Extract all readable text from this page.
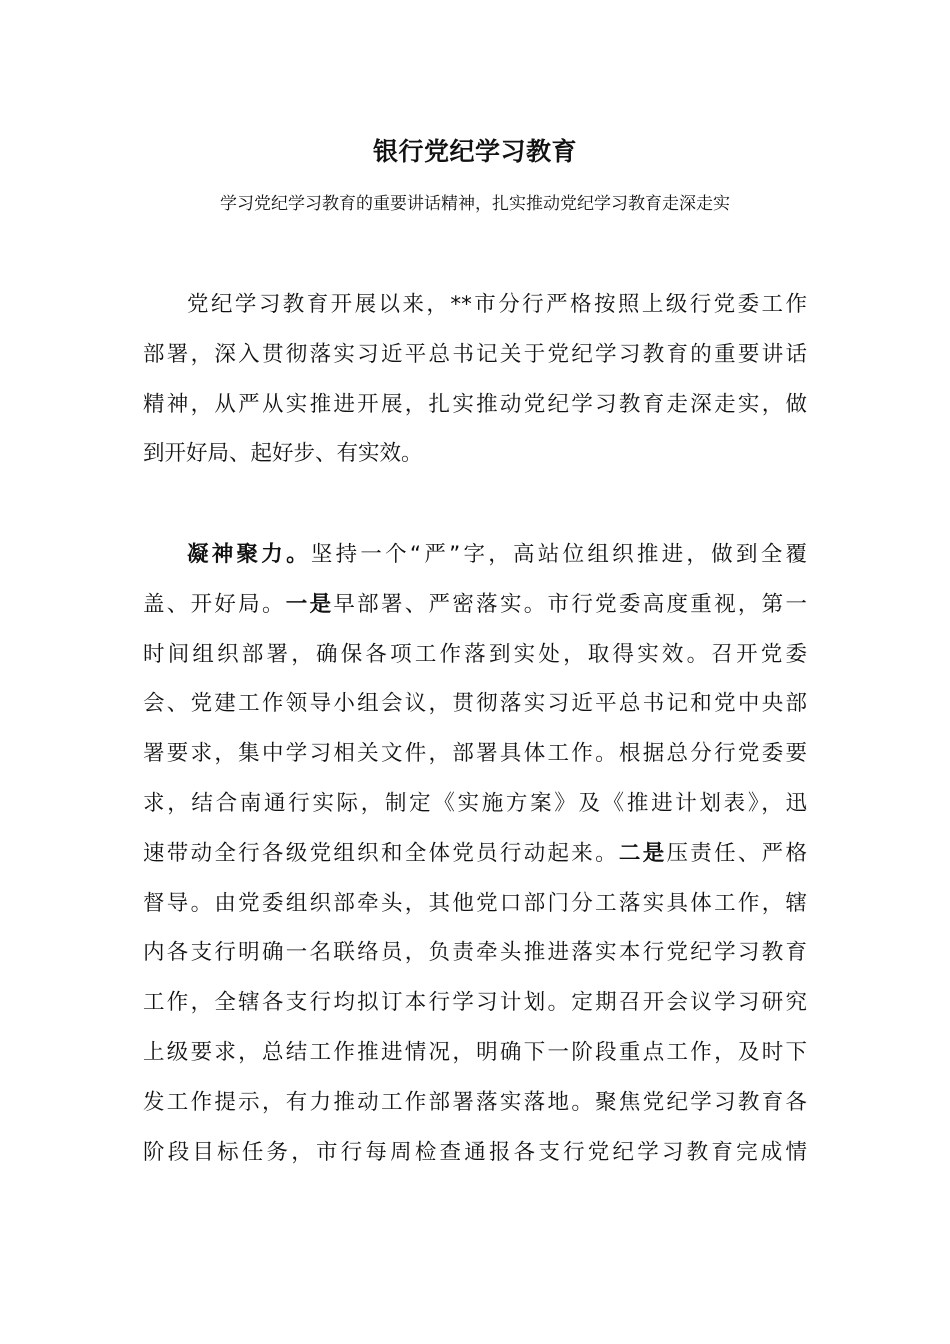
银行党纪学习教育
学习党纪学习教育的重要讲话精神，扎实推动党纪学习教育走深走实
党纪学习教育开展以来，**市分行严格按照上级行党委工作
部署，深入贯彻落实习近平总书记关于党纪学习教育的重要讲话
精神，从严从实推进开展，扎实推动党纪学习教育走深走实，做
到开好局、起好步、有实效。
凝神聚力。坚持一个“严”字，高站位组织推进，做到全覆
盖、开好局。一是早部署、严密落实。市行党委高度重视，第一
时间组织部署，确保各项工作落到实处，取得实效。召开党委
会、党建工作领导小组会议，贯彻落实习近平总书记和党中央部
署要求，集中学习相关文件，部署具体工作。根据总分行党委要
求，结合南通行实际，制定《实施方案》及《推进计划表》，迅
速带动全行各级党组织和全体党员行动起来。二是压责任、严格
督导。由党委组织部牵头，其他党口部门分工落实具体工作，辖
内各支行明确一名联络员，负责牵头推进落实本行党纪学习教育
工作，全辖各支行均拟订本行学习计划。定期召开会议学习研究
上级要求，总结工作推进情况，明确下一阶段重点工作，及时下
发工作提示，有力推动工作部署落实落地。聚焦党纪学习教育各
阶段目标任务，市行每周检查通报各支行党纪学习教育完成情
